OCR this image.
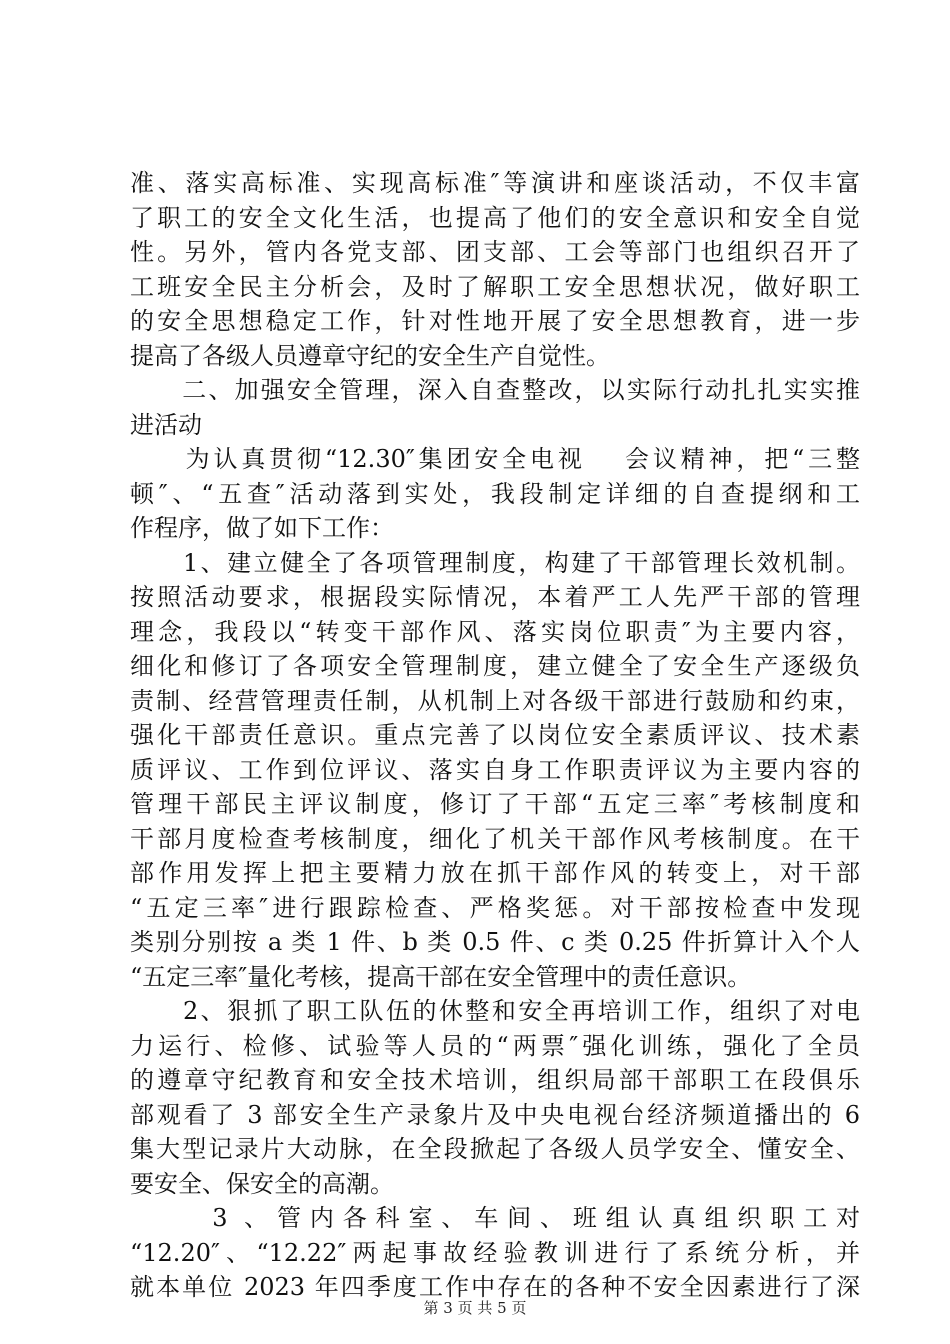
准、落实高标准、实现高标准″等演讲和座谈活动，不仅丰富
了职工的安全文化生活，也提高了他们的安全意识和安全自觉
性。另外，管内各党支部、团支部、工会等部门也组织召开了
工班安全民主分析会，及时了解职工安全思想状况，做好职工
的安全思想稳定工作，针对性地开展了安全思想教育，进一步
提高了各级人员遵章守纪的安全生产自觉性。
　　二、加强安全管理，深入自查整改，以实际行动扎扎实实推
进活动
　　为认真贯彻“12.30″集团安全电视　 会议精神，把“三整
顿″、“五查″活动落到实处，我段制定详细的自查提纲和工
作程序，做了如下工作：
　　1、建立健全了各项管理制度，构建了干部管理长效机制。
按照活动要求，根据段实际情况，本着严工人先严干部的管理
理念，我段以“转变干部作风、落实岗位职责″为主要内容，
细化和修订了各项安全管理制度，建立健全了安全生产逐级负
责制、经营管理责任制，从机制上对各级干部进行鼓励和约束，
强化干部责任意识。重点完善了以岗位安全素质评议、技术素
质评议、工作到位评议、落实自身工作职责评议为主要内容的
管理干部民主评议制度，修订了干部“五定三率″考核制度和
干部月度检查考核制度，细化了机关干部作风考核制度。在干
部作用发挥上把主要精力放在抓干部作风的转变上，对干部
“五定三率″进行跟踪检查、严格奖惩。对干部按检查中发现
类别分别按 a 类 1 件、b 类 0.5 件、c 类 0.25 件折算计入个人
“五定三率″量化考核，提高干部在安全管理中的责任意识。
　　2、狠抓了职工队伍的休整和安全再培训工作，组织了对电
力运行、检修、试验等人员的“两票″强化训练，强化了全员
的遵章守纪教育和安全技术培训，组织局部干部职工在段俱乐
部观看了 3 部安全生产录象片及中央电视台经济频道播出的 6
集大型记录片大动脉，在全段掀起了各级人员学安全、懂安全、
要安全、保安全的高潮。
　　 3 、管内各科室、车间、班组认真组织职工对
“12.20″、“12.22″两起事故经验教训进行了系统分析，并
就本单位 2023 年四季度工作中存在的各种不安全因素进行了深
第 3 页 共 5 页
